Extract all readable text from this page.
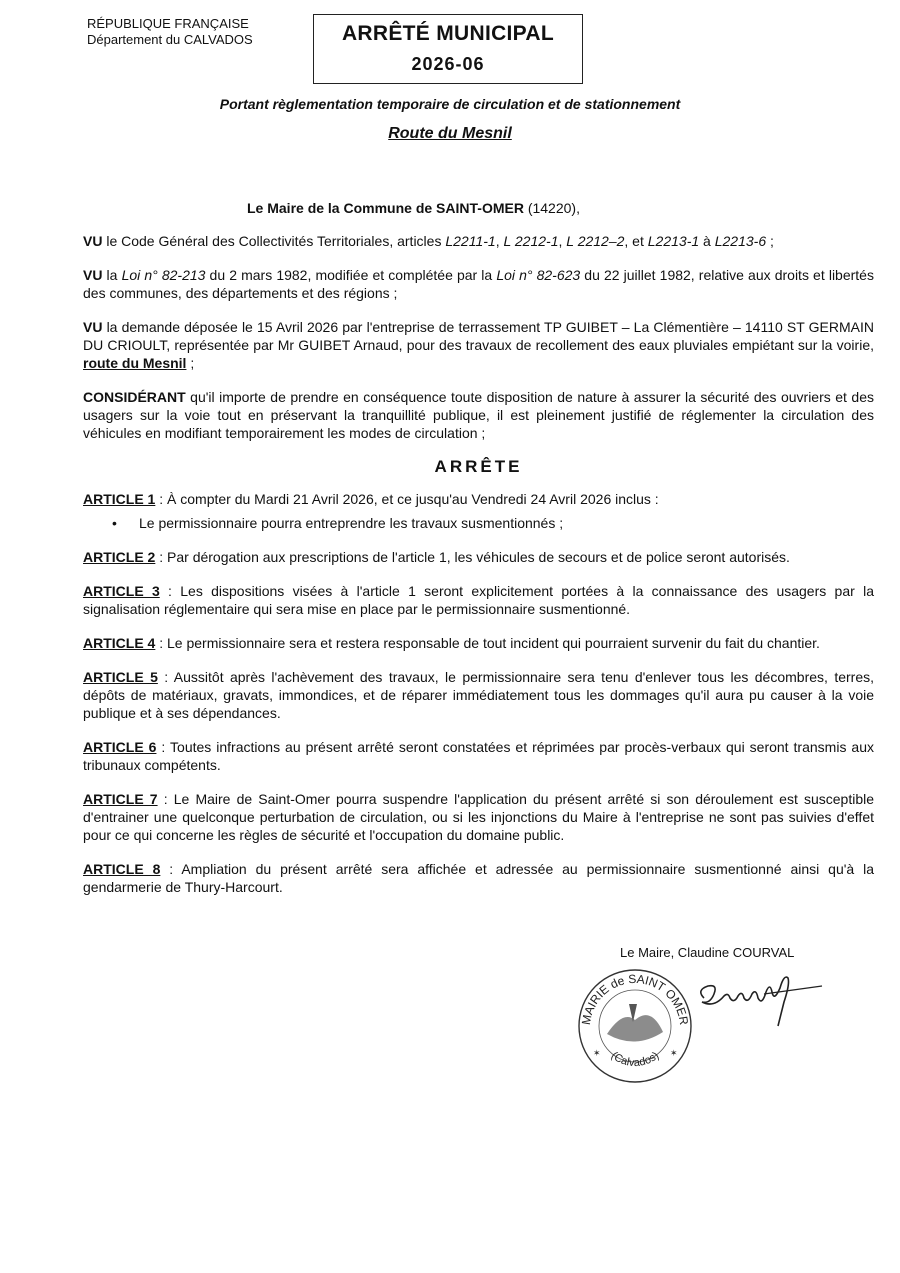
RÉPUBLIQUE FRANÇAISE
Département du CALVADOS	ARRÊTÉ MUNICIPAL
2026-06
Portant règlementation temporaire de circulation et de stationnement
Route du Mesnil
Le Maire de la Commune de SAINT-OMER (14220),

VU le Code Général des Collectivités Territoriales, articles L2211-1, L 2212-1, L 2212–2, et L2213-1 à L2213-6 ;

VU la Loi n° 82-213 du 2 mars 1982, modifiée et complétée par la Loi n° 82-623 du 22 juillet 1982, relative aux droits et libertés des communes, des départements et des régions ;

VU la demande déposée le 15 Avril 2026 par l'entreprise de terrassement TP GUIBET – La Clémentière – 14110 ST GERMAIN DU CRIOULT, représentée par Mr GUIBET Arnaud, pour des travaux de recollement des eaux pluviales empiétant sur la voirie, route du Mesnil ;

CONSIDÉRANT qu'il importe de prendre en conséquence toute disposition de nature à assurer la sécurité des ouvriers et des usagers sur la voie tout en préservant la tranquillité publique, il est pleinement justifié de réglementer la circulation des véhicules en modifiant temporairement les modes de circulation ;

ARRÊTE

ARTICLE 1 : À compter du Mardi 21 Avril 2026, et ce jusqu'au Vendredi 24 Avril 2026 inclus :

• Le permissionnaire pourra entreprendre les travaux susmentionnés ;

ARTICLE 2 : Par dérogation aux prescriptions de l'article 1, les véhicules de secours et de police seront autorisés.

ARTICLE 3 : Les dispositions visées à l'article 1 seront explicitement portées à la connaissance des usagers par la signalisation réglementaire qui sera mise en place par le permissionnaire susmentionné.

ARTICLE 4 : Le permissionnaire sera et restera responsable de tout incident qui pourraient survenir du fait du chantier.

ARTICLE 5 : Aussitôt après l'achèvement des travaux, le permissionnaire sera tenu d'enlever tous les décombres, terres, dépôts de matériaux, gravats, immondices, et de réparer immédiatement tous les dommages qu'il aura pu causer à la voie publique et à ses dépendances.

ARTICLE 6 : Toutes infractions au présent arrêté seront constatées et réprimées par procès-verbaux qui seront transmis aux tribunaux compétents.

ARTICLE 7 : Le Maire de Saint-Omer pourra suspendre l'application du présent arrêté si son déroulement est susceptible d'entrainer une quelconque perturbation de circulation, ou si les injonctions du Maire à l'entreprise ne sont pas suivies d'effet pour ce qui concerne les règles de sécurité et l'occupation du domaine public.

ARTICLE 8 : Ampliation du présent arrêté sera affichée et adressée au permissionnaire susmentionné ainsi qu'à la gendarmerie de Thury-Harcourt.

Le Maire, Claudine COURVAL
MAIRIE de SAINT OMER
(Calvados)
✶	✶
